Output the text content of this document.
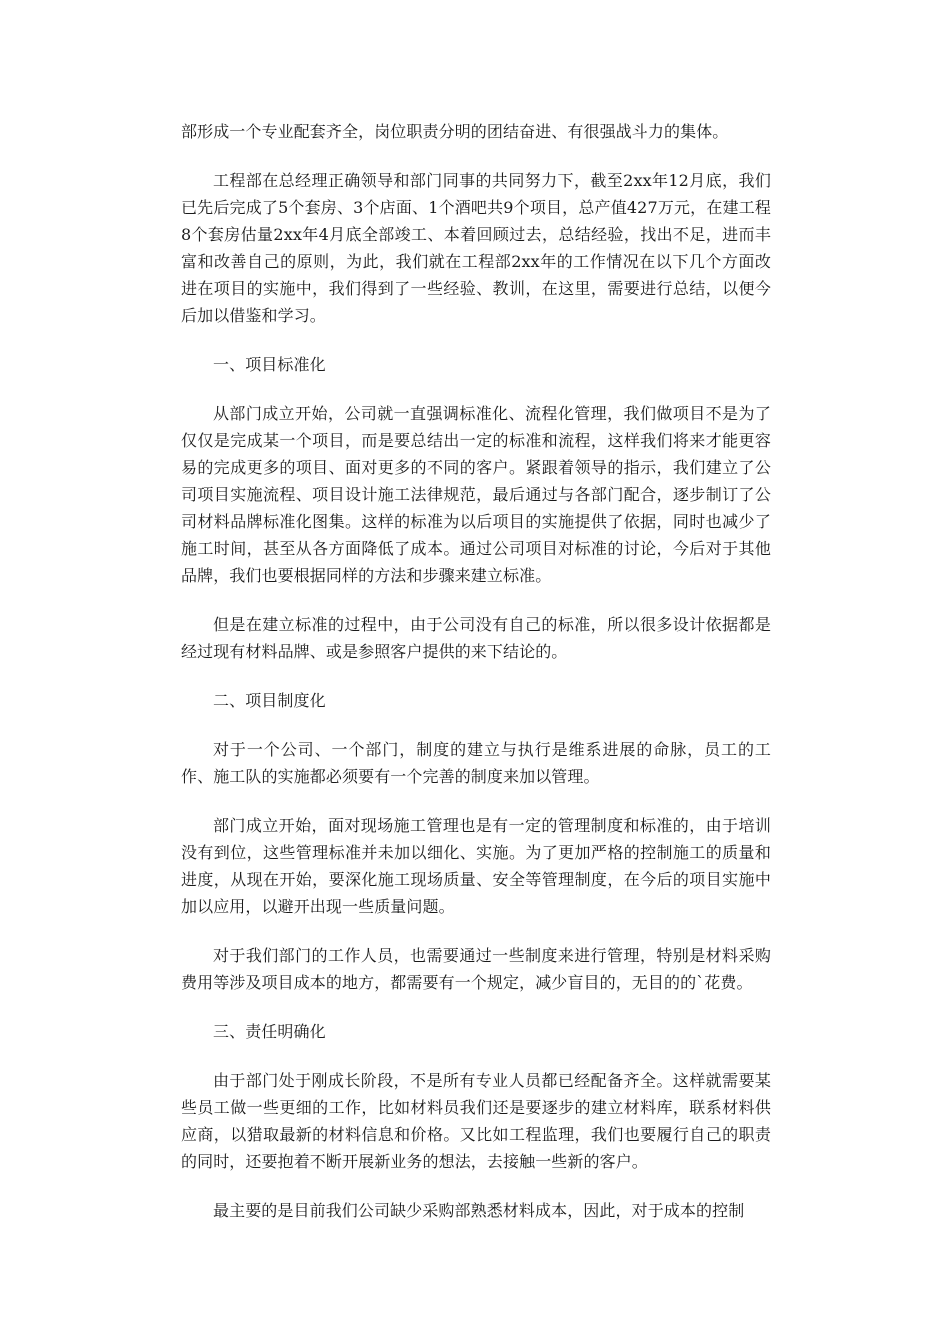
部形成一个专业配套齐全，岗位职责分明的团结奋进、有很强战斗力的集体。

工程部在总经理正确领导和部门同事的共同努力下，截至2xx年12月底，我们已先后完成了5个套房、3个店面、1个酒吧共9个项目，总产值427万元，在建工程8个套房估量2xx年4月底全部竣工、本着回顾过去，总结经验，找出不足，进而丰富和改善自己的原则，为此，我们就在工程部2xx年的工作情况在以下几个方面改进在项目的实施中，我们得到了一些经验、教训，在这里，需要进行总结，以便今后加以借鉴和学习。

一、项目标准化

从部门成立开始，公司就一直强调标准化、流程化管理，我们做项目不是为了仅仅是完成某一个项目，而是要总结出一定的标准和流程，这样我们将来才能更容易的完成更多的项目、面对更多的不同的客户。紧跟着领导的指示，我们建立了公司项目实施流程、项目设计施工法律规范，最后通过与各部门配合，逐步制订了公司材料品牌标准化图集。这样的标准为以后项目的实施提供了依据，同时也减少了施工时间，甚至从各方面降低了成本。通过公司项目对标准的讨论，今后对于其他品牌，我们也要根据同样的方法和步骤来建立标准。

但是在建立标准的过程中，由于公司没有自己的标准，所以很多设计依据都是经过现有材料品牌、或是参照客户提供的来下结论的。

二、项目制度化

对于一个公司、一个部门，制度的建立与执行是维系进展的命脉，员工的工作、施工队的实施都必须要有一个完善的制度来加以管理。

部门成立开始，面对现场施工管理也是有一定的管理制度和标准的，由于培训没有到位，这些管理标准并未加以细化、实施。为了更加严格的控制施工的质量和进度，从现在开始，要深化施工现场质量、安全等管理制度，在今后的项目实施中加以应用，以避开出现一些质量问题。

对于我们部门的工作人员，也需要通过一些制度来进行管理，特别是材料采购费用等涉及项目成本的地方，都需要有一个规定，减少盲目的，无目的的`花费。

三、责任明确化

由于部门处于刚成长阶段，不是所有专业人员都已经配备齐全。这样就需要某些员工做一些更细的工作，比如材料员我们还是要逐步的建立材料库，联系材料供应商，以猎取最新的材料信息和价格。又比如工程监理，我们也要履行自己的职责的同时，还要抱着不断开展新业务的想法，去接触一些新的客户。

最主要的是目前我们公司缺少采购部熟悉材料成本，因此，对于成本的控制
